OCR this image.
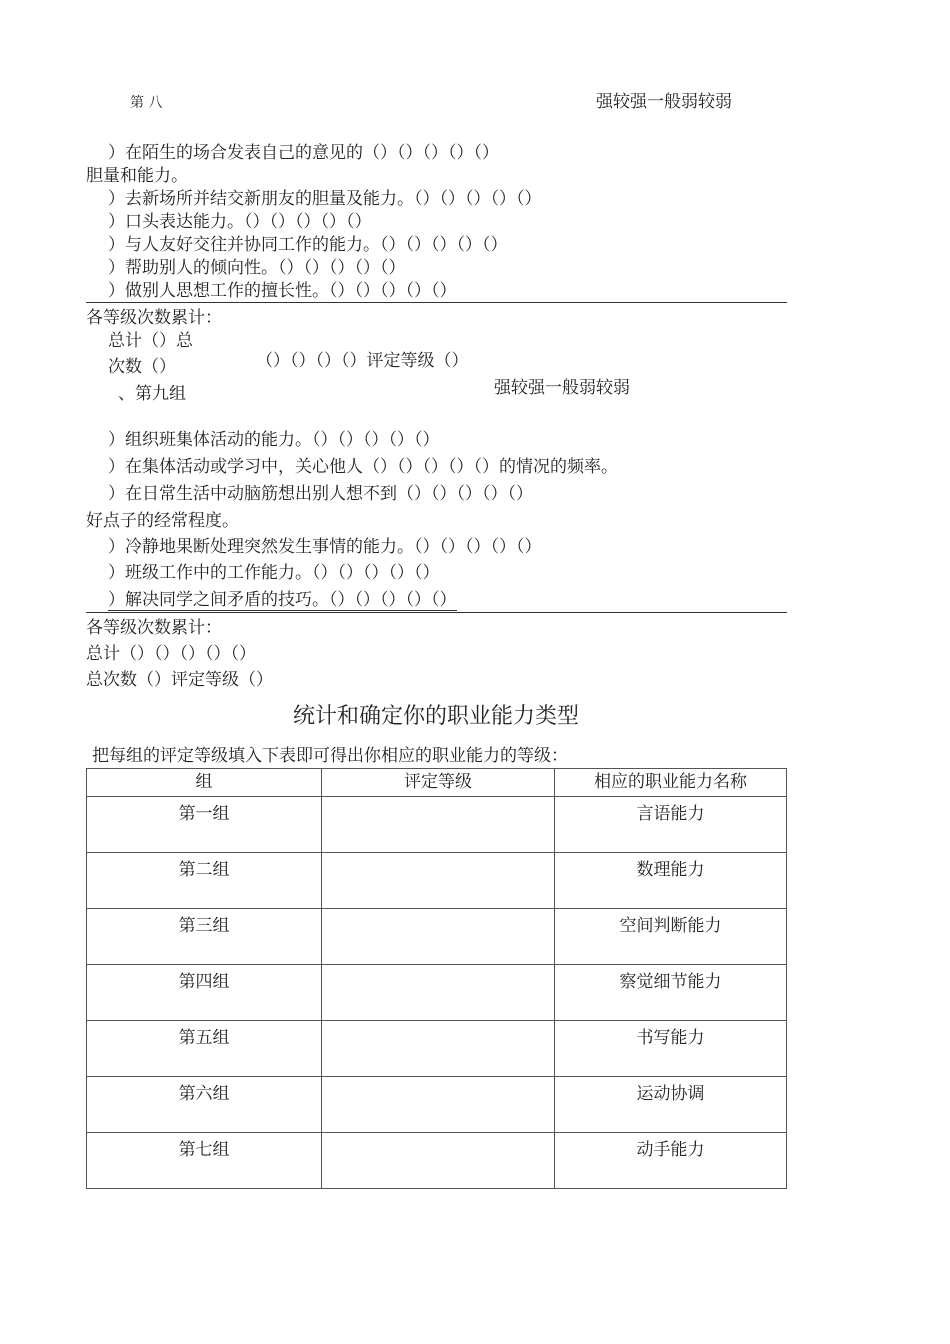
第 八	强较强一般弱较弱
）在陌生的场合发表自己的意见的（）（）（）（）（）
胆量和能力。
）去新场所并结交新朋友的胆量及能力。（）（）（）（）（）
）口头表达能力。（）（）（）（）（）
）与人友好交往并协同工作的能力。（）（）（）（）（）
）帮助别人的倾向性。（）（）（）（）（）
）做别人思想工作的擅长性。（）（）（）（）（）
各等级次数累计：
总计（）总
次数（）	（）（）（）（）评定等级（）
、第九组	强较强一般弱较弱
）组织班集体活动的能力。（）（）（）（）（）
）在集体活动或学习中，关心他人（）（）（）（）（）的情况的频率。
）在日常生活中动脑筋想出别人想不到（）（）（）（）（）
好点子的经常程度。
）冷静地果断处理突然发生事情的能力。（）（）（）（）（）
）班级工作中的工作能力。（）（）（）（）（）
）解决同学之间矛盾的技巧。（）（）（）（）（）
各等级次数累计：
总计（）（）（）（）（）
总次数（）评定等级（）
统计和确定你的职业能力类型
把每组的评定等级填入下表即可得出你相应的职业能力的等级：
组	评定等级	相应的职业能力名称
第一组		言语能力
第二组		数理能力
第三组		空间判断能力
第四组		察觉细节能力
第五组		书写能力
第六组		运动协调
第七组		动手能力
